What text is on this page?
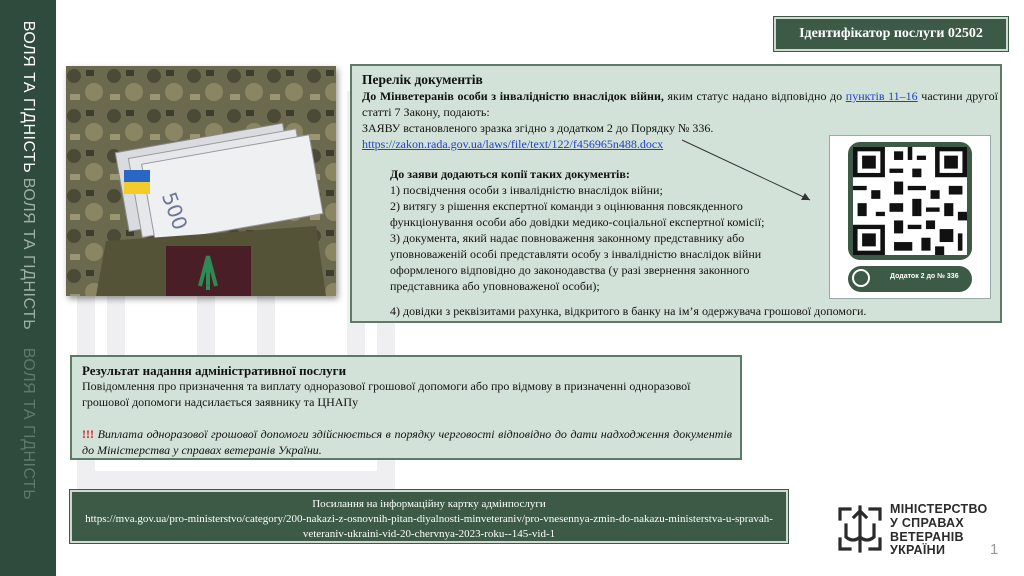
ВОЛЯ ТА ГІДНІСТЬ
ВОЛЯ ТА ГІДНІСТЬ
ВОЛЯ ТА ГІДНІСТЬ
Ідентифікатор послуги 02502
500
Перелік документів
До Мінветеранів особи з інвалідністю внаслідок війни, яким статус надано відповідно до пунктів 11–16 частини другої статті 7 Закону, подають:
ЗАЯВУ встановленого зразка згідно з додатком 2 до Порядку № 336.
https://zakon.rada.gov.ua/laws/file/text/122/f456965n488.docx
До заяви додаються копії таких документів:
1) посвідчення особи з інвалідністю внаслідок війни;
2) витягу з рішення експертної команди з оцінювання повсякденного функціонування особи або довідки медико-соціальної експертної комісії;
3) документа, який надає повноваження законному представнику або уповноваженій особі представляти особу з інвалідністю внаслідок війни оформленого відповідно до законодавства (у разі звернення законного представника або уповноваженої особи);
4) довідки з реквізитами рахунка, відкритого в банку на ім’я одержувача грошової допомоги.
Додаток 2 до № 336
Результат надання адміністративної послуги
Повідомлення про призначення та виплату одноразової грошової допомоги або про відмову в призначенні одноразової грошової допомоги надсилається заявнику та ЦНАПу
!!! Виплата одноразової грошової допомоги здійснюється в порядку черговості відповідно до дати надходження документів до Міністерства у справах ветеранів України.
Посилання на інформаційну картку адмінпослуги
https://mva.gov.ua/pro-ministerstvo/category/200-nakazi-z-osnovnih-pitan-diyalnosti-minveteraniv/pro-vnesennya-zmin-do-nakazu-ministerstva-u-spravah-veteraniv-ukraini-vid-20-chervnya-2023-roku--145-vid-1
МІНІСТЕРСТВО
У СПРАВАХ
ВЕТЕРАНІВ
УКРАЇНИ	1
